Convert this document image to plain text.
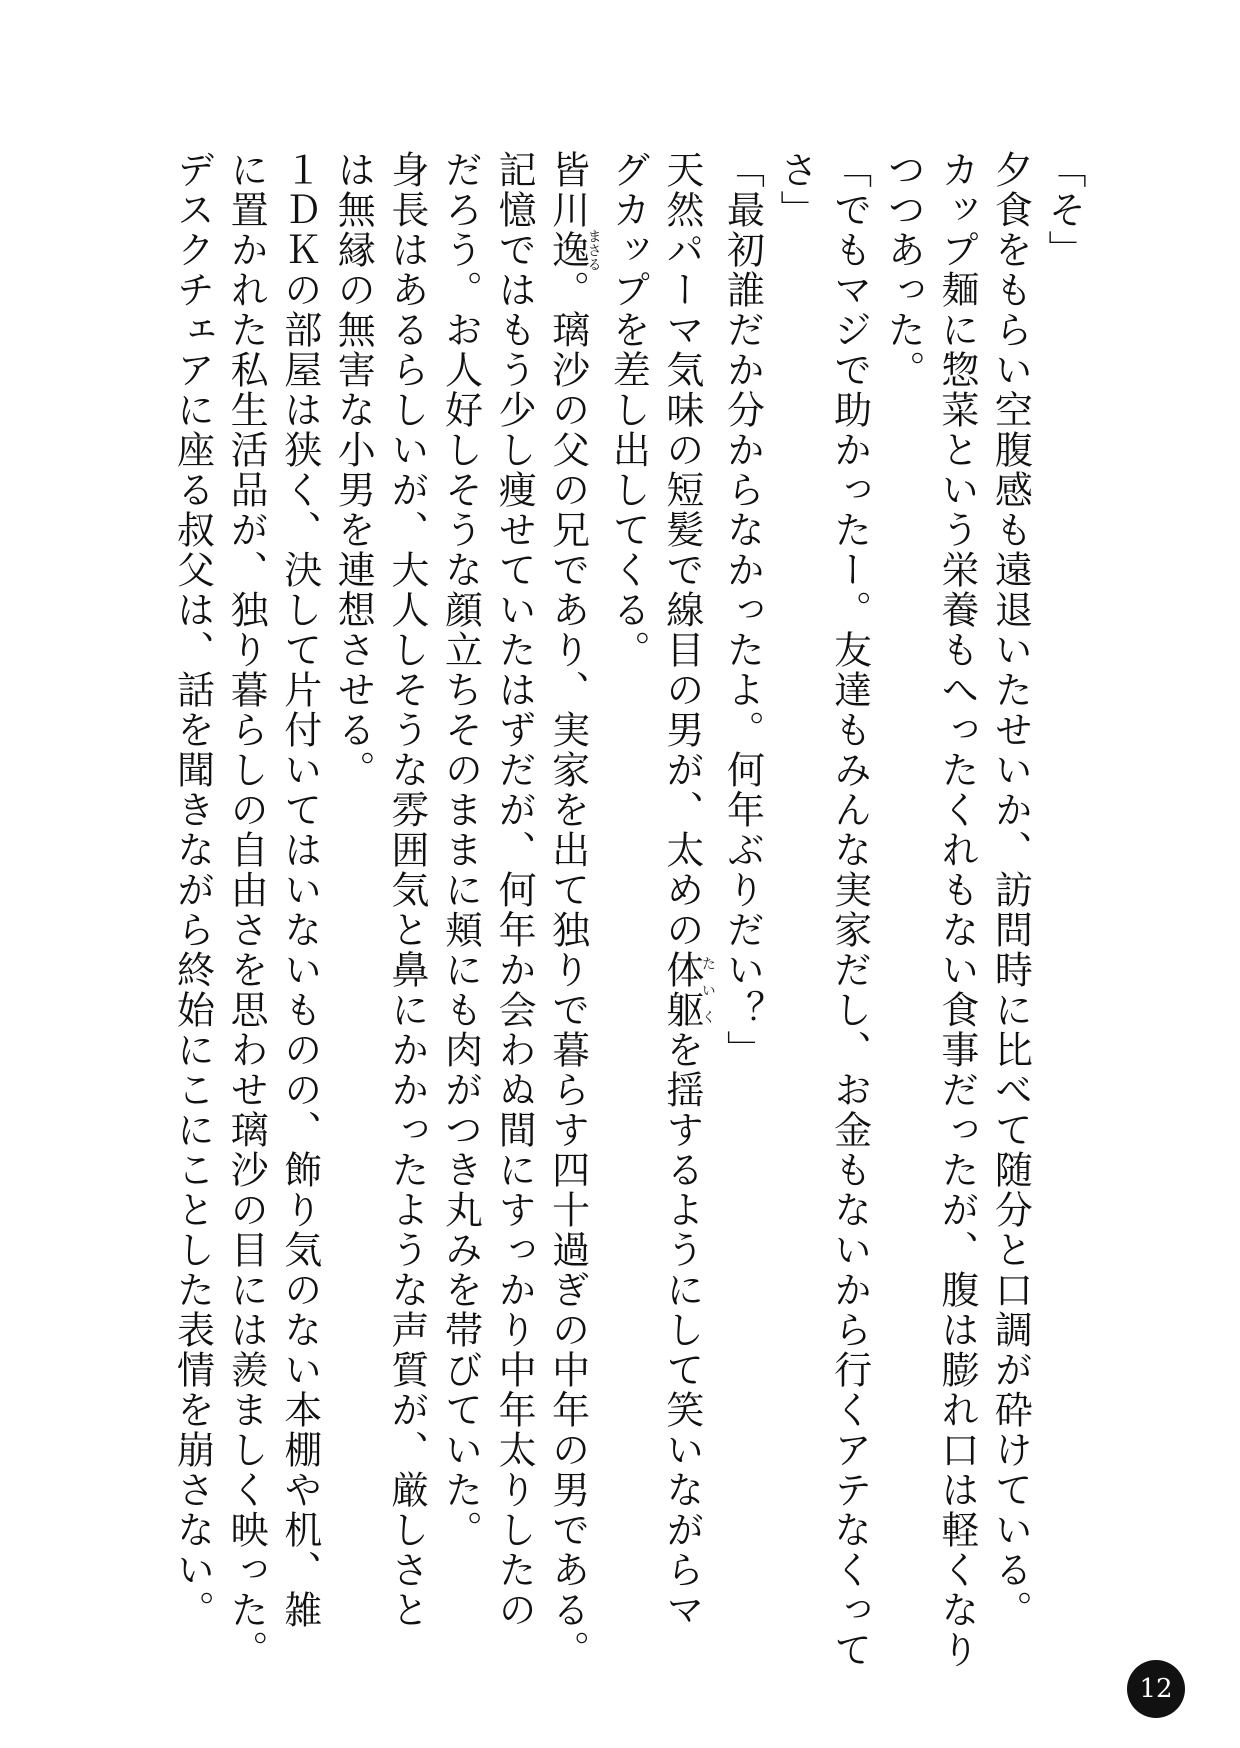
「そ」

夕食をもらい空腹感も遠退いたせいか、訪問時に比べて随分と口調が砕けている。

カップ麺に惣菜という栄養もへったくれもない食事だったが、腹は膨れ口は軽くなり

つつあった。

「でもマジで助かったー。友達もみんな実家だし、お金もないから行くアテなくって

さ」

「最初誰だか分からなかったよ。何年ぶりだい？」

天然パーマ気味の短髪で線目の男が、太めの体躯たいくを揺するようにして笑いながらマ

グカップを差し出してくる。

皆川逸まさる。璃沙の父の兄であり、実家を出て独りで暮らす四十過ぎの中年の男である。

記憶ではもう少し痩せていたはずだが、何年か会わぬ間にすっかり中年太りしたの

だろう。お人好しそうな顔立ちそのままに頬にも肉がつき丸みを帯びていた。

身長はあるらしいが、大人しそうな雰囲気と鼻にかかったような声質が、厳しさと

は無縁の無害な小男を連想させる。

１ＤＫの部屋は狭く、決して片付いてはいないものの、飾り気のない本棚や机、雑

に置かれた私生活品が、独り暮らしの自由さを思わせ璃沙の目には羨ましく映った。

デスクチェアに座る叔父は、話を聞きながら終始にこにことした表情を崩さない。

12
